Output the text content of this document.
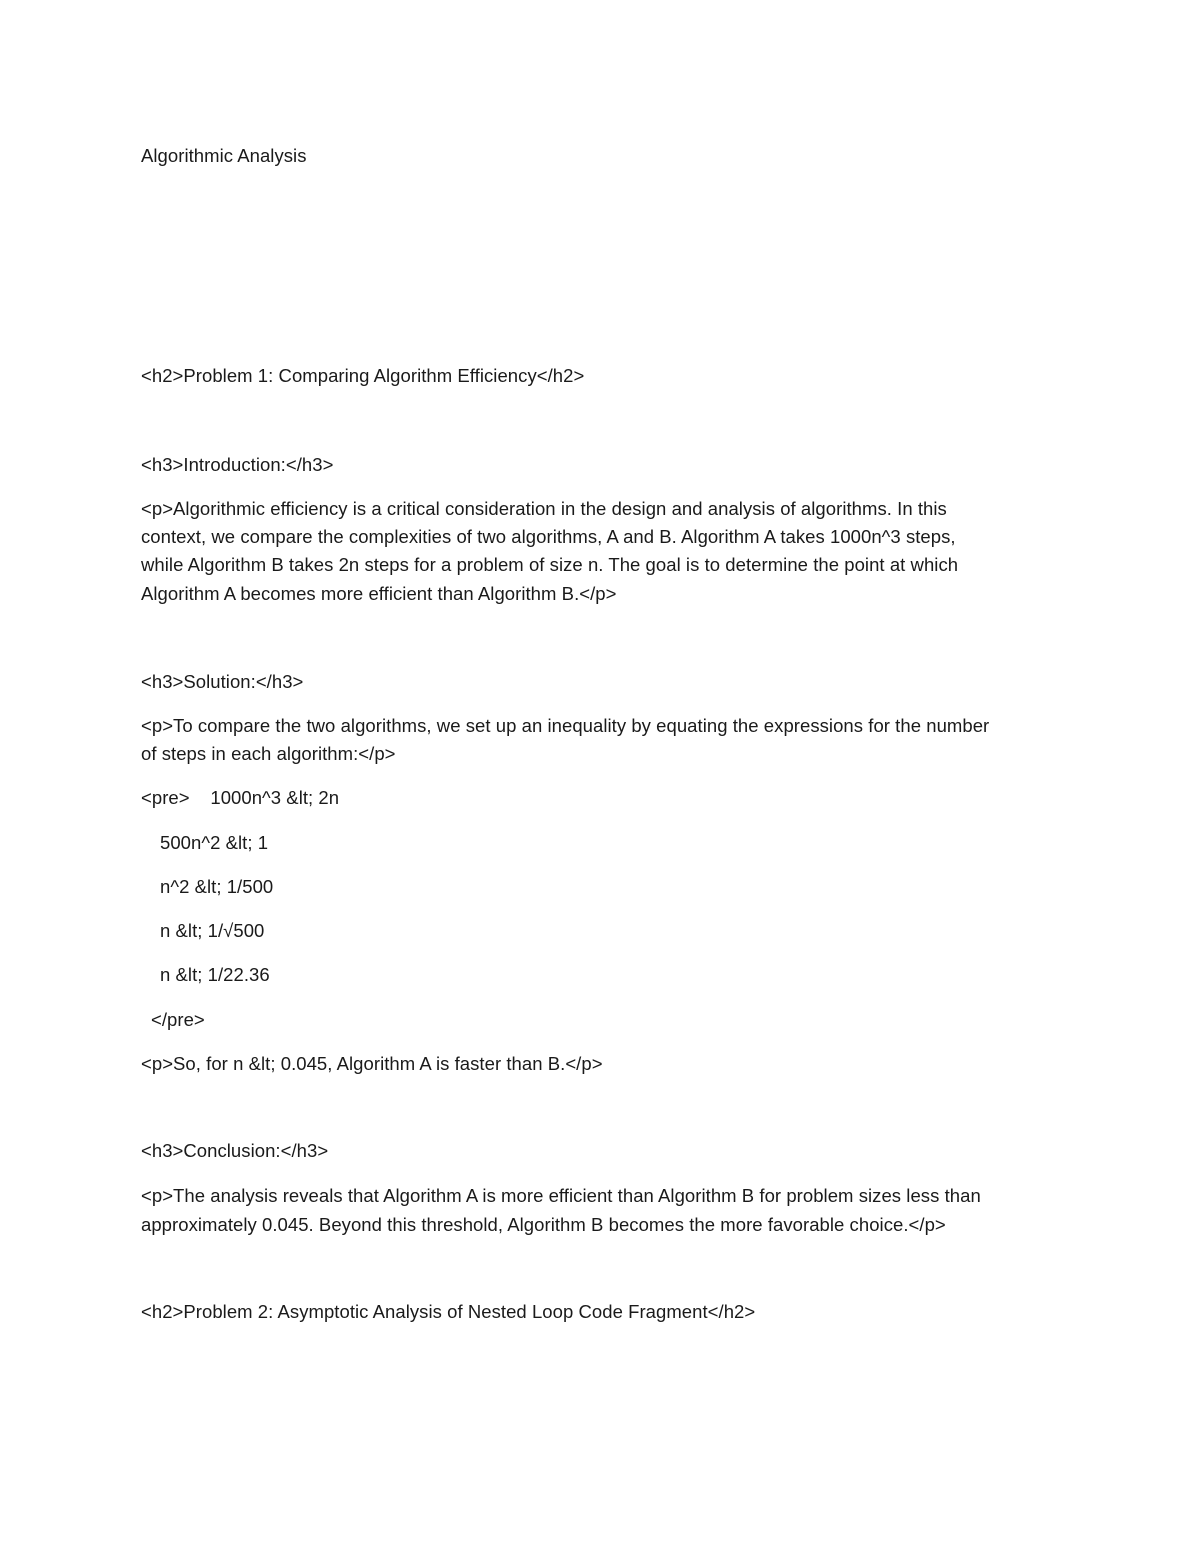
Algorithmic Analysis
<h2>Problem 1: Comparing Algorithm Efficiency</h2>
<h3>Introduction:</h3>
<p>Algorithmic efficiency is a critical consideration in the design and analysis of algorithms. In this
context, we compare the complexities of two algorithms, A and B. Algorithm A takes 1000n^3 steps,
while Algorithm B takes 2n steps for a problem of size n. The goal is to determine the point at which
Algorithm A becomes more efficient than Algorithm B.</p>
<h3>Solution:</h3>
<p>To compare the two algorithms, we set up an inequality by equating the expressions for the number
of steps in each algorithm:</p>
<pre>    1000n^3 &lt; 2n
500n^2 &lt; 1
n^2 &lt; 1/500
n &lt; 1/√500
n &lt; 1/22.36
</pre>
<p>So, for n &lt; 0.045, Algorithm A is faster than B.</p>
<h3>Conclusion:</h3>
<p>The analysis reveals that Algorithm A is more efficient than Algorithm B for problem sizes less than
approximately 0.045. Beyond this threshold, Algorithm B becomes the more favorable choice.</p>
<h2>Problem 2: Asymptotic Analysis of Nested Loop Code Fragment</h2>
